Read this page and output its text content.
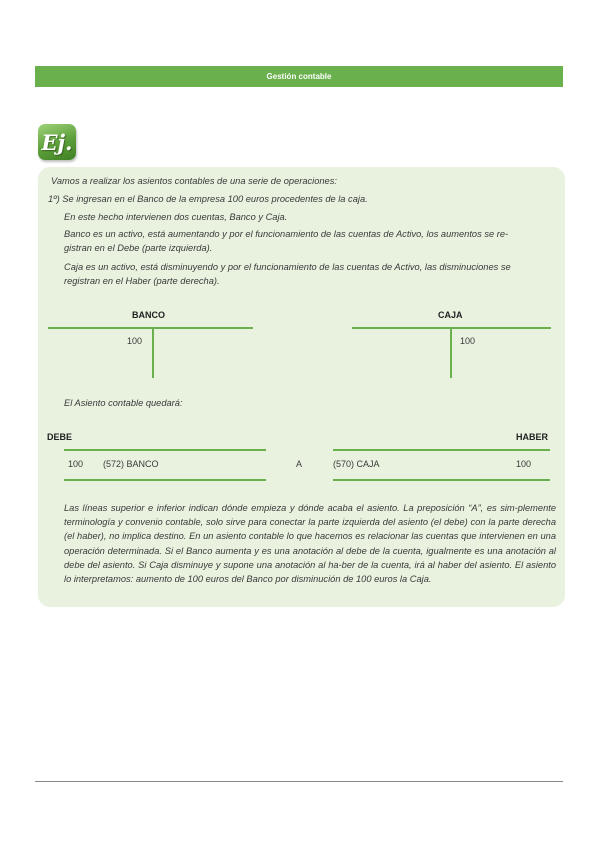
Gestión contable
Ej.
Vamos a realizar los asientos contables de una serie de operaciones:
1º) Se ingresan en el Banco de la empresa 100 euros procedentes de la caja.
En este hecho intervienen dos cuentas, Banco y Caja.
Banco es un activo, está aumentando y por el funcionamiento de las cuentas de Activo, los aumentos se re-
gistran en el Debe (parte izquierda).
Caja es un activo, está disminuyendo y por el funcionamiento de las cuentas de Activo, las disminuciones se
registran en el Haber (parte derecha).
BANCO
100
CAJA
100
El Asiento contable quedará:
DEBE	HABER
100 (572) BANCO	A	(570) CAJA	100
Las líneas superior e inferior indican dónde empieza y dónde acaba el asiento. La preposición “A”, es sim-plemente terminología y convenio contable, solo sirve para conectar la parte izquierda del asiento (el debe) con la parte derecha (el haber), no implica destino. En un asiento contable lo que hacemos es relacionar las cuentas que intervienen en una operación determinada. Si el Banco aumenta y es una anotación al debe de la cuenta, igualmente es una anotación al debe del asiento. Si Caja disminuye y supone una anotación al ha-ber de la cuenta, irá al haber del asiento. El asiento lo interpretamos: aumento de 100 euros del Banco por disminución de 100 euros la Caja.
